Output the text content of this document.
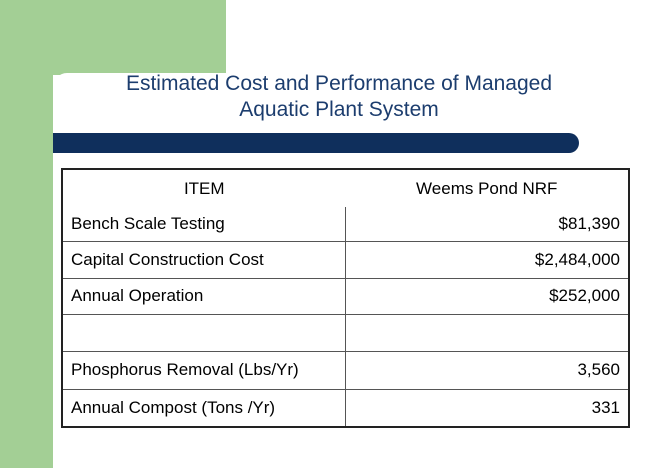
Estimated Cost and Performance of Managed
Aquatic Plant System
ITEM	Weems Pond NRF
Bench Scale Testing	$81,390
Capital Construction Cost	$2,484,000
Annual Operation	$252,000

Phosphorus Removal (Lbs/Yr)	3,560
Annual Compost (Tons /Yr)	331
